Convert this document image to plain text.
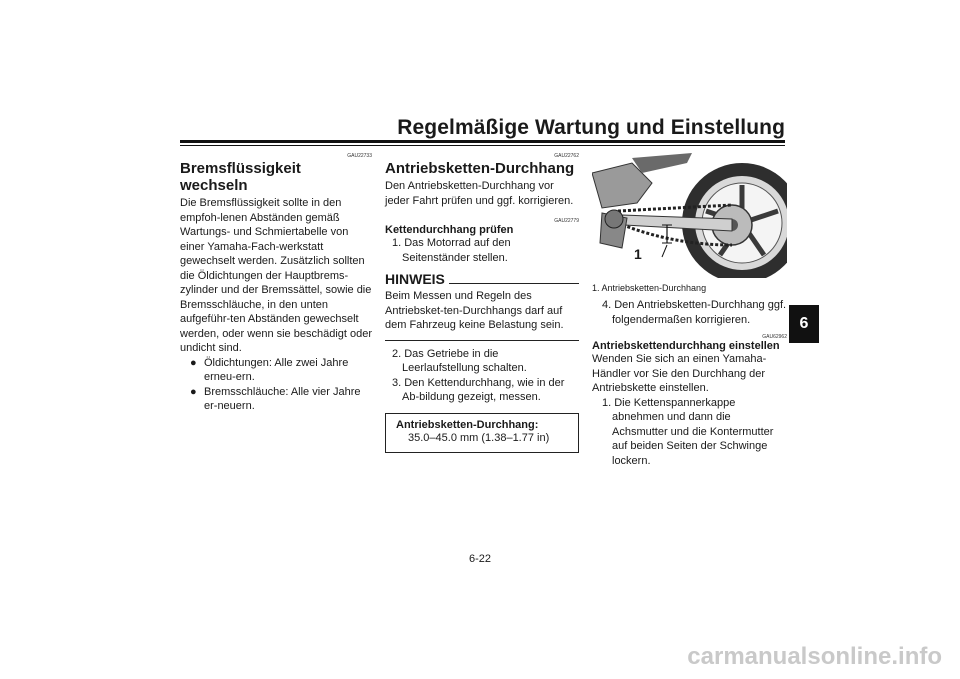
Regelmäßige Wartung und Einstellung
6
GAU22733
Bremsflüssigkeit wechseln
Die Bremsflüssigkeit sollte in den empfoh-lenen Abständen gemäß Wartungs- und Schmiertabelle von einer Yamaha-Fach-werkstatt gewechselt werden. Zusätzlich sollten die Öldichtungen der Hauptbrems-zylinder und der Bremssättel, sowie die Bremsschläuche, in den unten aufgeführ-ten Abständen gewechselt werden, oder wenn sie beschädigt oder undicht sind.
● Öldichtungen: Alle zwei Jahre erneu-ern.
● Bremsschläuche: Alle vier Jahre er-neuern.
GAU22762
Antriebsketten-Durchhang
Den Antriebsketten-Durchhang vor jeder Fahrt prüfen und ggf. korrigieren.
GAU22779
Kettendurchhang prüfen
1. Das Motorrad auf den Seitenständer stellen.
HINWEIS
Beim Messen und Regeln des Antriebsket-ten-Durchhangs darf auf dem Fahrzeug keine Belastung sein.
2. Das Getriebe in die Leerlaufstellung schalten.
3. Den Kettendurchhang, wie in der Ab-bildung gezeigt, messen.
Antriebsketten-Durchhang:
35.0–45.0 mm (1.38–1.77 in)
1
1. Antriebsketten-Durchhang
4. Den Antriebsketten-Durchhang ggf. folgendermaßen korrigieren.
GAU62962
Antriebskettendurchhang einstellen
Wenden Sie sich an einen Yamaha-Händler vor Sie den Durchhang der Antriebskette einstellen.
1. Die Kettenspannerkappe abnehmen und dann die Achsmutter und die Kontermutter auf beiden Seiten der Schwinge lockern.
6-22
carmanualsonline.info
